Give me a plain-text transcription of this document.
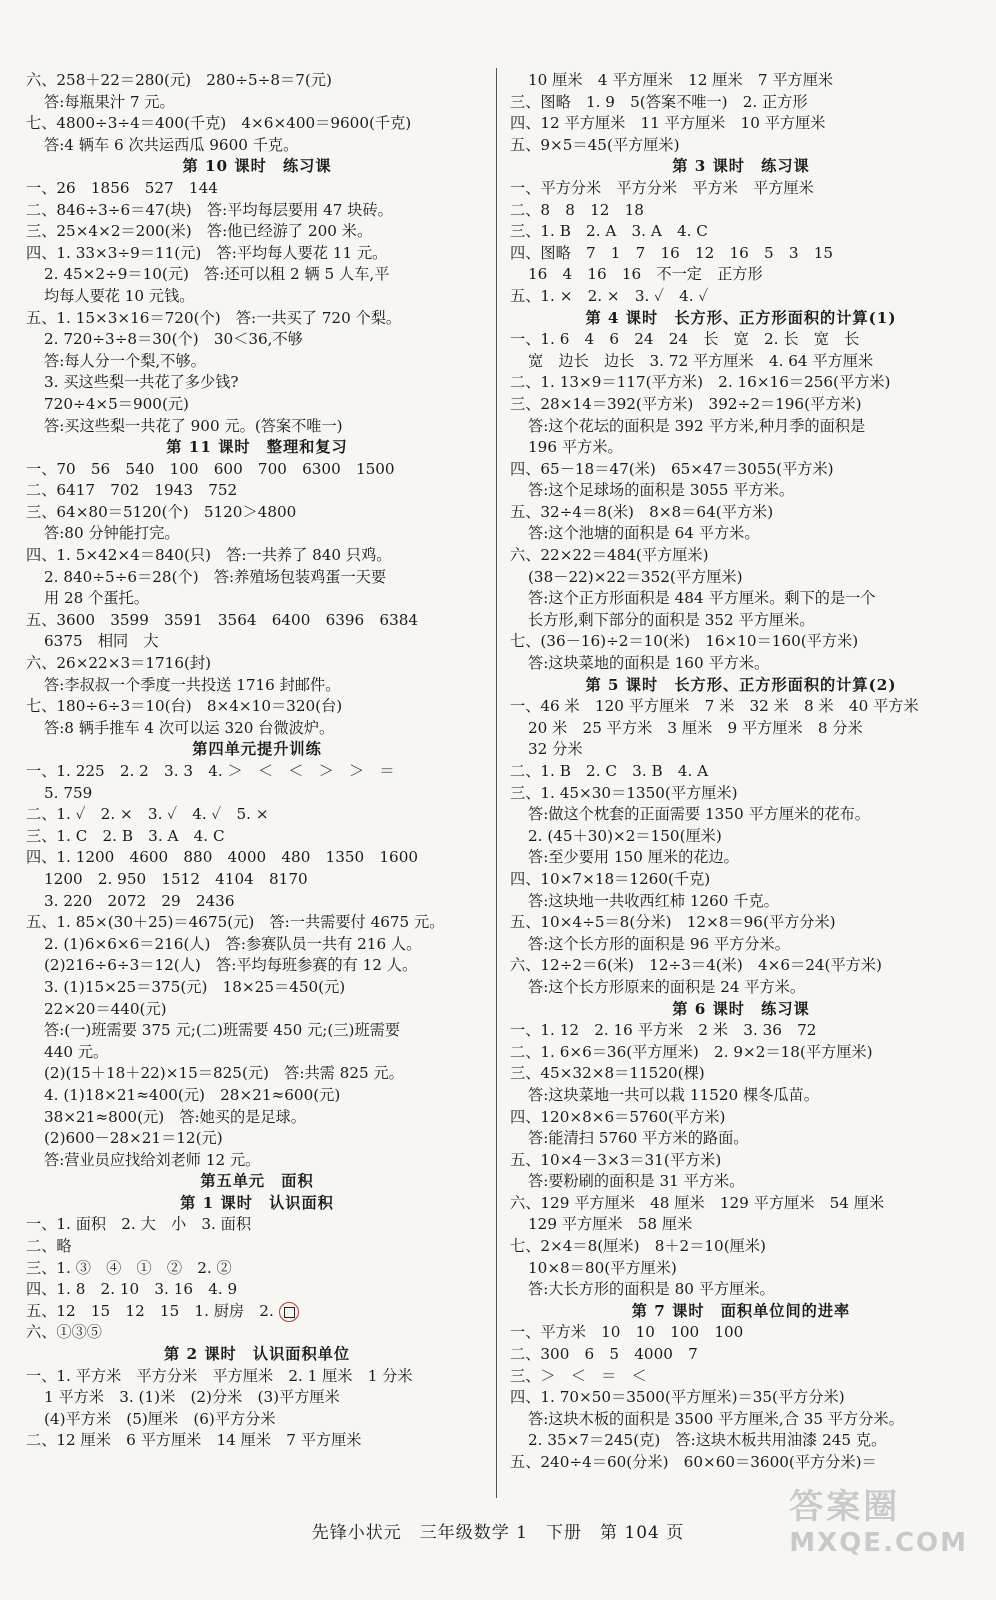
六、258＋22＝280(元)　280÷5÷8＝7(元)
答:每瓶果汁 7 元。
七、4800÷3÷4＝400(千克)　4×6×400＝9600(千克)
答:4 辆车 6 次共运西瓜 9600 千克。
第 10 课时　练习课
一、26　1856　527　144
二、846÷3÷6＝47(块)　答:平均每层要用 47 块砖。
三、25×4×2＝200(米)　答:他已经游了 200 米。
四、1. 33×3÷9＝11(元)　答:平均每人要花 11 元。
2. 45×2÷9＝10(元)　答:还可以租 2 辆 5 人车,平
均每人要花 10 元钱。
五、1. 15×3×16＝720(个)　答:一共买了 720 个梨。
2. 720÷3÷8＝30(个)　30＜36,不够
答:每人分一个梨,不够。
3. 买这些梨一共花了多少钱?
720÷4×5＝900(元)
答:买这些梨一共花了 900 元。(答案不唯一)
第 11 课时　整理和复习
一、70　56　540　100　600　700　6300　1500
二、6417　702　1943　752
三、64×80＝5120(个)　5120＞4800
答:80 分钟能打完。
四、1. 5×42×4＝840(只)　答:一共养了 840 只鸡。
2. 840÷5÷6＝28(个)　答:养殖场包装鸡蛋一天要
用 28 个蛋托。
五、3600　3599　3591　3564　6400　6396　6384
6375　相同　大
六、26×22×3＝1716(封)
答:李叔叔一个季度一共投送 1716 封邮件。
七、180÷6÷3＝10(台)　8×4×10＝320(台)
答:8 辆手推车 4 次可以运 320 台微波炉。
第四单元提升训练
一、1. 225　2. 2　3. 3　4. ＞　＜　＜　＞　＞　＝
5. 759
二、1. ✓　2. ×　3. ✓　4. ✓　5. ×
三、1. C　2. B　3. A　4. C
四、1. 1200　4600　880　4000　480　1350　1600
1200　2. 950　1512　4104　8170
3. 220　2072　29　2436
五、1. 85×(30＋25)＝4675(元)　答:一共需要付 4675 元。
2. (1)6×6×6＝216(人)　答:参赛队员一共有 216 人。
(2)216÷6÷3＝12(人)　答:平均每班参赛的有 12 人。
3. (1)15×25＝375(元)　18×25＝450(元)
22×20＝440(元)
答:(一)班需要 375 元;(二)班需要 450 元;(三)班需要
440 元。
(2)(15＋18＋22)×15＝825(元)　答:共需 825 元。
4. (1)18×21≈400(元)　28×21≈600(元)
38×21≈800(元)　答:她买的是足球。
(2)600－28×21＝12(元)
答:营业员应找给刘老师 12 元。
第五单元　面积
第 1 课时　认识面积
一、1. 面积　2. 大　小　3. 面积
二、略
三、1. ③　④　①　②　2. ②
四、1. 8　2. 10　3. 16　4. 9
五、12　15　12　15　1. 厨房　2.
六、①③⑤
第 2 课时　认识面积单位
一、1. 平方米　平方分米　平方厘米　2. 1 厘米　1 分米
1 平方米　3. (1)米　(2)分米　(3)平方厘米
(4)平方米　(5)厘米　(6)平方分米
二、12 厘米　6 平方厘米　14 厘米　7 平方厘米
10 厘米　4 平方厘米　12 厘米　7 平方厘米
三、图略　1. 9　5(答案不唯一)　2. 正方形
四、12 平方厘米　11 平方厘米　10 平方厘米
五、9×5＝45(平方厘米)
第 3 课时　练习课
一、平方分米　平方分米　平方米　平方厘米
二、8　8　12　18
三、1. B　2. A　3. A　4. C
四、图略　7　1　7　16　12　16　5　3　15
16　4　16　16　不一定　正方形
五、1. ×　2. ×　3. ✓　4. ✓
第 4 课时　长方形、正方形面积的计算(1)
一、1. 6　4　6　24　24　长　宽　2. 长　宽　长
宽　边长　边长　3. 72 平方厘米　4. 64 平方厘米
二、1. 13×9＝117(平方米)　2. 16×16＝256(平方米)
三、28×14＝392(平方米)　392÷2＝196(平方米)
答:这个花坛的面积是 392 平方米,种月季的面积是
196 平方米。
四、65－18＝47(米)　65×47＝3055(平方米)
答:这个足球场的面积是 3055 平方米。
五、32÷4＝8(米)　8×8＝64(平方米)
答:这个池塘的面积是 64 平方米。
六、22×22＝484(平方厘米)
(38－22)×22＝352(平方厘米)
答:这个正方形面积是 484 平方厘米。剩下的是一个
长方形,剩下部分的面积是 352 平方厘米。
七、(36－16)÷2＝10(米)　16×10＝160(平方米)
答:这块菜地的面积是 160 平方米。
第 5 课时　长方形、正方形面积的计算(2)
一、46 米　120 平方厘米　7 米　32 米　8 米　40 平方米
20 米　25 平方米　3 厘米　9 平方厘米　8 分米
32 分米
二、1. B　2. C　3. B　4. A
三、1. 45×30＝1350(平方厘米)
答:做这个枕套的正面需要 1350 平方厘米的花布。
2. (45＋30)×2＝150(厘米)
答:至少要用 150 厘米的花边。
四、10×7×18＝1260(千克)
答:这块地一共收西红柿 1260 千克。
五、10×4÷5＝8(分米)　12×8＝96(平方分米)
答:这个长方形的面积是 96 平方分米。
六、12÷2＝6(米)　12÷3＝4(米)　4×6＝24(平方米)
答:这个长方形原来的面积是 24 平方米。
第 6 课时　练习课
一、1. 12　2. 16 平方米　2 米　3. 36　72
二、1. 6×6＝36(平方厘米)　2. 9×2＝18(平方厘米)
三、45×32×8＝11520(棵)
答:这块菜地一共可以栽 11520 棵冬瓜苗。
四、120×8×6＝5760(平方米)
答:能清扫 5760 平方米的路面。
五、10×4－3×3＝31(平方米)
答:要粉刷的面积是 31 平方米。
六、129 平方厘米　48 厘米　129 平方厘米　54 厘米
129 平方厘米　58 厘米
七、2×4＝8(厘米)　8＋2＝10(厘米)
10×8＝80(平方厘米)
答:大长方形的面积是 80 平方厘米。
第 7 课时　面积单位间的进率
一、平方米　10　10　100　100
二、300　6　5　4000　7
三、＞　＜　＝　＜
四、1. 70×50＝3500(平方厘米)＝35(平方分米)
答:这块木板的面积是 3500 平方厘米,合 35 平方分米。
2. 35×7＝245(克)　答:这块木板共用油漆 245 克。
五、240÷4＝60(分米)　60×60＝3600(平方分米)＝
先锋小状元　三年级数学 1　下册　第 104 页
答案圈
MXQE.COM
